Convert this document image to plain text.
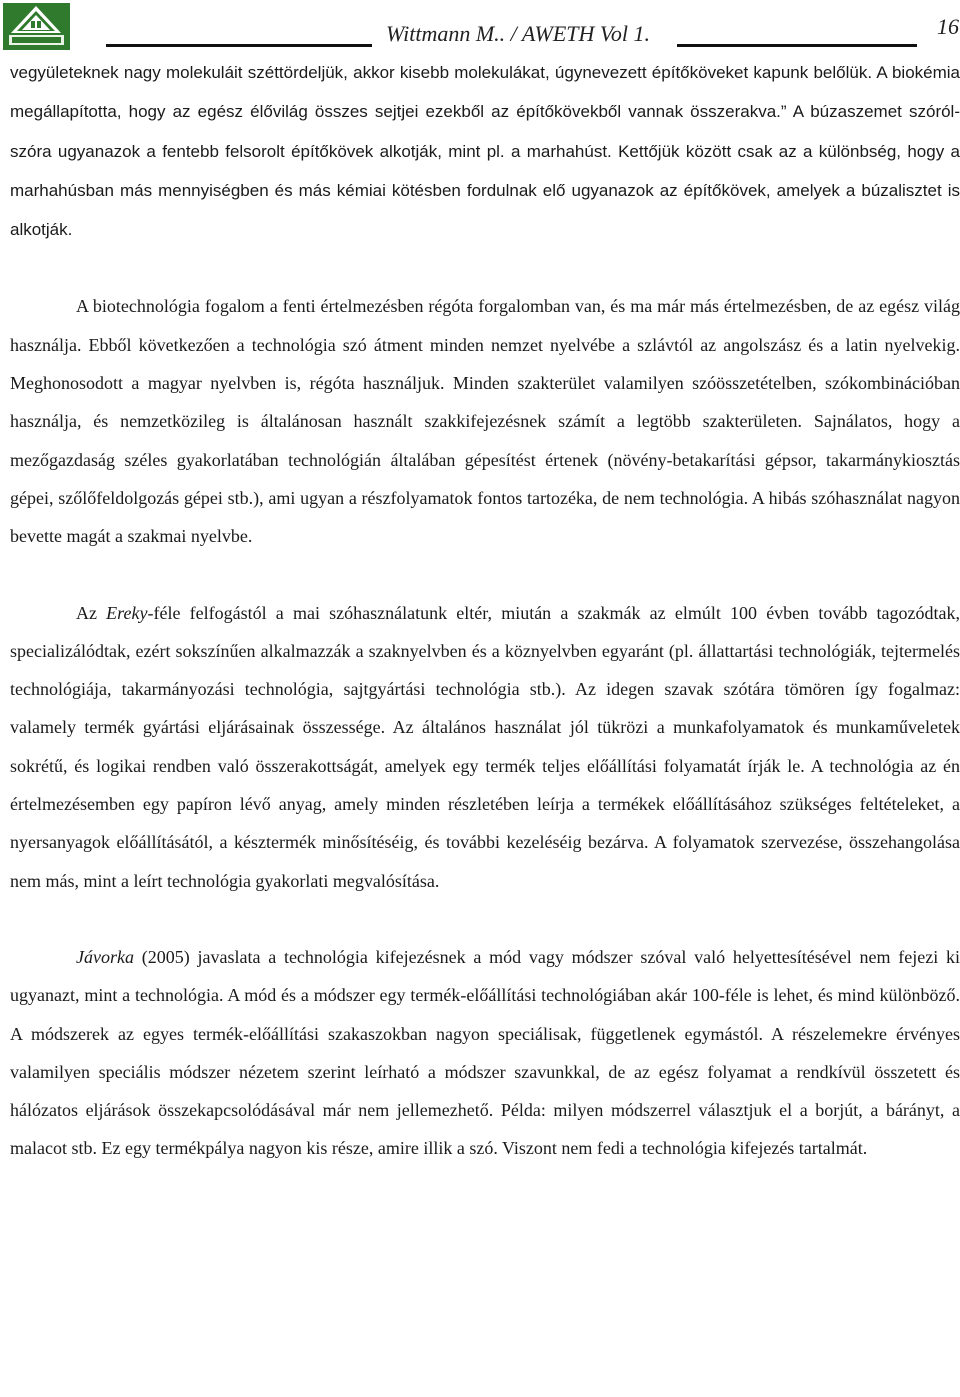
Wittmann M.. / AWETH Vol 1.	16

vegyületeknek nagy molekuláit széttördeljük, akkor kisebb molekulákat, úgynevezett építőköveket kapunk belőlük. A biokémia megállapította, hogy az egész élővilág összes sejtjei ezekből az építőkövekből vannak összerakva.” A búzaszemet szóról-szóra ugyanazok a fentebb felsorolt építőkövek alkotják, mint pl. a marhahúst. Kettőjük között csak az a különbség, hogy a marhahúsban más mennyiségben és más kémiai kötésben fordulnak elő ugyanazok az építőkövek, amelyek a búzalisztet is alkotják.

A biotechnológia fogalom a fenti értelmezésben régóta forgalomban van, és ma már más értelmezésben, de az egész világ használja. Ebből következően a technológia szó átment minden nemzet nyelvébe a szlávtól az angolszász és a latin nyelvekig. Meghonosodott a magyar nyelvben is, régóta használjuk. Minden szakterület valamilyen szóösszetételben, szókombinációban használja, és nemzetközileg is általánosan használt szakkifejezésnek számít a legtöbb szakterületen. Sajnálatos, hogy a mezőgazdaság széles gyakorlatában technológián általában gépesítést értenek (növény-betakarítási gépsor, takarmánykiosztás gépei, szőlőfeldolgozás gépei stb.), ami ugyan a részfolyamatok fontos tartozéka, de nem technológia. A hibás szóhasználat nagyon bevette magát a szakmai nyelvbe.

Az Ereky-féle felfogástól a mai szóhasználatunk eltér, miután a szakmák az elmúlt 100 évben tovább tagozódtak, specializálódtak, ezért sokszínűen alkalmazzák a szaknyelvben és a köznyelvben egyaránt (pl. állattartási technológiák, tejtermelés technológiája, takarmányozási technológia, sajtgyártási technológia stb.). Az idegen szavak szótára tömören így fogalmaz: valamely termék gyártási eljárásainak összessége. Az általános használat jól tükrözi a munkafolyamatok és munkaműveletek sokrétű, és logikai rendben való összerakottságát, amelyek egy termék teljes előállítási folyamatát írják le. A technológia az én értelmezésemben egy papíron lévő anyag, amely minden részletében leírja a termékek előállításához szükséges feltételeket, a nyersanyagok előállításától, a késztermék minősítéséig, és további kezeléséig bezárva. A folyamatok szervezése, összehangolása nem más, mint a leírt technológia gyakorlati megvalósítása.

Jávorka (2005) javaslata a technológia kifejezésnek a mód vagy módszer szóval való helyettesítésével nem fejezi ki ugyanazt, mint a technológia. A mód és a módszer egy termék-előállítási technológiában akár 100-féle is lehet, és mind különböző. A módszerek az egyes termék-előállítási szakaszokban nagyon speciálisak, függetlenek egymástól. A részelemekre érvényes valamilyen speciális módszer nézetem szerint leírható a módszer szavunkkal, de az egész folyamat a rendkívül összetett és hálózatos eljárások összekapcsolódásával már nem jellemezhető. Példa: milyen módszerrel választjuk el a borjút, a bárányt, a malacot stb. Ez egy termékpálya nagyon kis része, amire illik a szó. Viszont nem fedi a technológia kifejezés tartalmát.
